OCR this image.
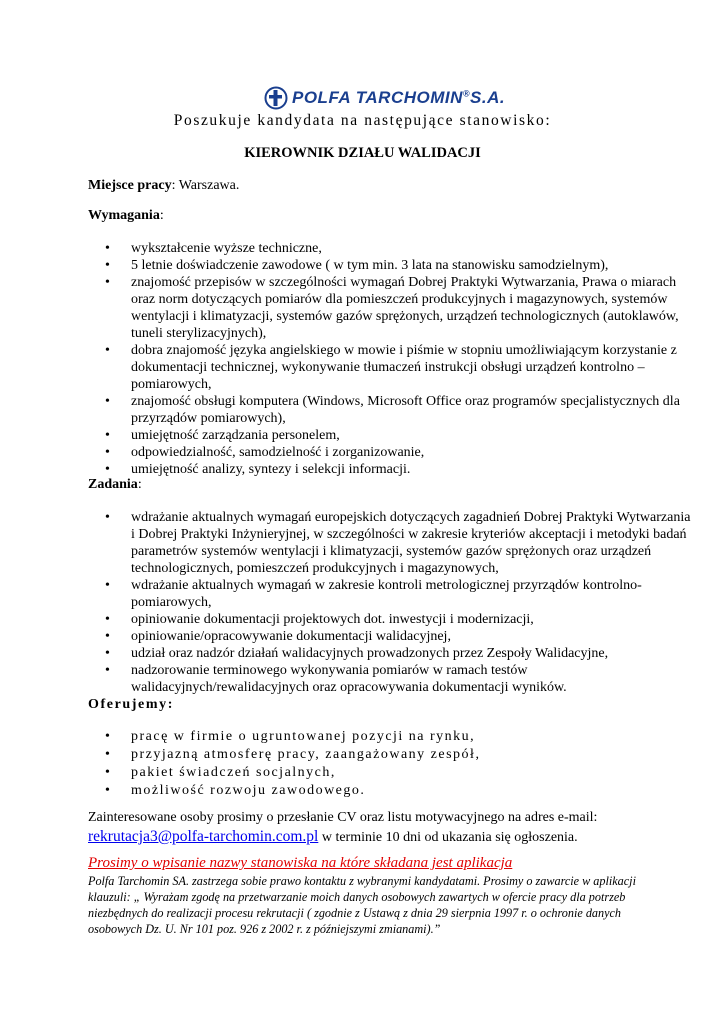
POLFA TARCHOMIN®S.A.
Poszukuje kandydata na następujące stanowisko:
KIEROWNIK DZIAŁU WALIDACJI
Miejsce pracy: Warszawa.
Wymagania:
• wykształcenie wyższe techniczne,
• 5 letnie doświadczenie zawodowe ( w tym min. 3 lata na stanowisku samodzielnym),
• znajomość przepisów w szczególności wymagań Dobrej Praktyki Wytwarzania, Prawa o miarach oraz norm dotyczących pomiarów dla pomieszczeń produkcyjnych i magazynowych, systemów wentylacji i klimatyzacji, systemów gazów sprężonych, urządzeń technologicznych (autoklawów, tuneli sterylizacyjnych),
• dobra znajomość języka angielskiego w mowie i piśmie w stopniu umożliwiającym korzystanie z dokumentacji technicznej, wykonywanie tłumaczeń instrukcji obsługi urządzeń kontrolno – pomiarowych,
• znajomość obsługi komputera (Windows, Microsoft Office oraz programów specjalistycznych dla przyrządów pomiarowych),
• umiejętność zarządzania personelem,
• odpowiedzialność, samodzielność i zorganizowanie,
• umiejętność analizy, syntezy i selekcji informacji.
Zadania:
• wdrażanie aktualnych wymagań europejskich dotyczących zagadnień Dobrej Praktyki Wytwarzania i Dobrej Praktyki Inżynieryjnej, w szczególności w zakresie kryteriów akceptacji i metodyki badań parametrów systemów wentylacji i klimatyzacji, systemów gazów sprężonych oraz urządzeń technologicznych, pomieszczeń produkcyjnych i magazynowych,
• wdrażanie aktualnych wymagań w zakresie kontroli metrologicznej przyrządów kontrolno-pomiarowych,
• opiniowanie dokumentacji projektowych dot. inwestycji i modernizacji,
• opiniowanie/opracowywanie dokumentacji walidacyjnej,
• udział oraz nadzór działań walidacyjnych prowadzonych przez Zespoły Walidacyjne,
• nadzorowanie terminowego wykonywania pomiarów w ramach testów walidacyjnych/rewalidacyjnych oraz opracowywania dokumentacji wyników.
Oferujemy:
• pracę w firmie o ugruntowanej pozycji na rynku,
• przyjazną atmosferę pracy, zaangażowany zespół,
• pakiet świadczeń socjalnych,
• możliwość rozwoju zawodowego.
Zainteresowane osoby prosimy o przesłanie CV oraz listu motywacyjnego na adres e-mail:
rekrutacja3@polfa-tarchomin.com.pl w terminie 10 dni od ukazania się ogłoszenia.
Prosimy o wpisanie nazwy stanowiska na które składana jest aplikacja
Polfa Tarchomin SA. zastrzega sobie prawo kontaktu z wybranymi kandydatami. Prosimy o zawarcie w aplikacji klauzuli: „ Wyrażam zgodę na przetwarzanie moich danych osobowych zawartych w ofercie pracy dla potrzeb niezbędnych do realizacji procesu rekrutacji ( zgodnie z Ustawą z dnia 29 sierpnia 1997 r. o ochronie danych osobowych Dz. U. Nr 101 poz. 926 z 2002 r. z późniejszymi zmianami).”
